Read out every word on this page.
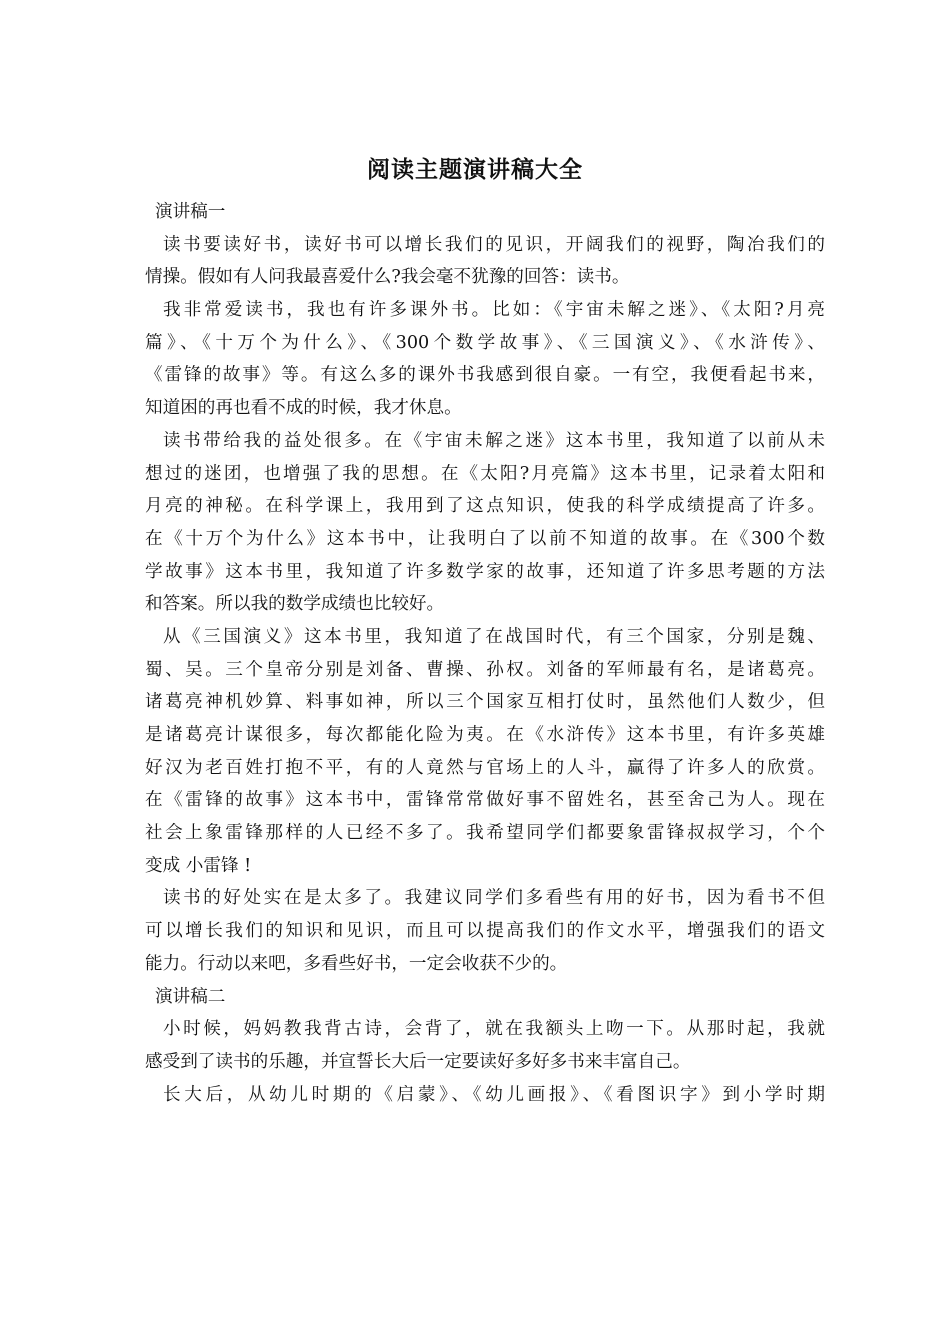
阅读主题演讲稿大全
演讲稿一
读书要读好书，读好书可以增长我们的见识，开阔我们的视野，陶冶我们的
情操。假如有人问我最喜爱什么?我会毫不犹豫的回答：读书。
我非常爱读书，我也有许多课外书。比如：《宇宙未解之迷》、《太阳?月亮
篇》、《十万个为什么》、《300个数学故事》、《三国演义》、《水浒传》、
《雷锋的故事》等。有这么多的课外书我感到很自豪。一有空，我便看起书来，
知道困的再也看不成的时候，我才休息。
读书带给我的益处很多。在《宇宙未解之迷》这本书里，我知道了以前从未
想过的迷团，也增强了我的思想。在《太阳?月亮篇》这本书里，记录着太阳和
月亮的神秘。在科学课上，我用到了这点知识，使我的科学成绩提高了许多。
在《十万个为什么》这本书中，让我明白了以前不知道的故事。在《300个数
学故事》这本书里，我知道了许多数学家的故事，还知道了许多思考题的方法
和答案。所以我的数学成绩也比较好。
从《三国演义》这本书里，我知道了在战国时代，有三个国家，分别是魏、
蜀、吴。三个皇帝分别是刘备、曹操、孙权。刘备的军师最有名，是诸葛亮。
诸葛亮神机妙算、料事如神，所以三个国家互相打仗时，虽然他们人数少，但
是诸葛亮计谋很多，每次都能化险为夷。在《水浒传》这本书里，有许多英雄
好汉为老百姓打抱不平，有的人竟然与官场上的人斗，赢得了许多人的欣赏。
在《雷锋的故事》这本书中，雷锋常常做好事不留姓名，甚至舍己为人。现在
社会上象雷锋那样的人已经不多了。我希望同学们都要象雷锋叔叔学习，个个
变成 小雷锋 !
读书的好处实在是太多了。我建议同学们多看些有用的好书，因为看书不但
可以增长我们的知识和见识，而且可以提高我们的作文水平，增强我们的语文
能力。行动以来吧，多看些好书，一定会收获不少的。
演讲稿二
小时候，妈妈教我背古诗，会背了，就在我额头上吻一下。从那时起，我就
感受到了读书的乐趣，并宣誓长大后一定要读好多好多书来丰富自己。
长大后，从幼儿时期的《启蒙》、《幼儿画报》、《看图识字》到小学时期
